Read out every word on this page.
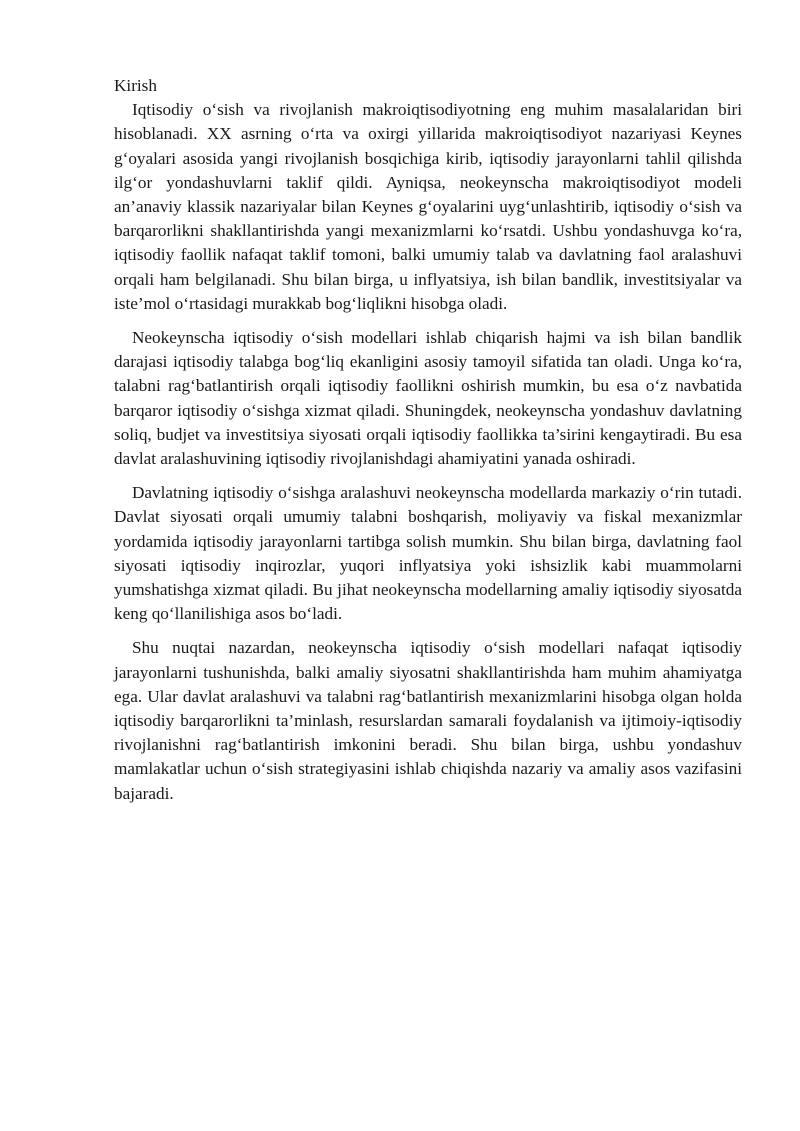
Kirish

Iqtisodiy o‘sish va rivojlanish makroiqtisodiyotning eng muhim masalalaridan biri hisoblanadi. XX asrning o‘rta va oxirgi yillarida makroiqtisodiyot nazariyasi Keynes g‘oyalari asosida yangi rivojlanish bosqichiga kirib, iqtisodiy jarayonlarni tahlil qilishda ilg‘or yondashuvlarni taklif qildi. Ayniqsa, neokeynscha makroiqtisodiyot modeli an’anaviy klassik nazariyalar bilan Keynes g‘oyalarini uyg‘unlashtirib, iqtisodiy o‘sish va barqarorlikni shakllantirishda yangi mexanizmlarni ko‘rsatdi. Ushbu yondashuvga ko‘ra, iqtisodiy faollik nafaqat taklif tomoni, balki umumiy talab va davlatning faol aralashuvi orqali ham belgilanadi. Shu bilan birga, u inflyatsiya, ish bilan bandlik, investitsiyalar va iste’mol o‘rtasidagi murakkab bog‘liqlikni hisobga oladi.

Neokeynscha iqtisodiy o‘sish modellari ishlab chiqarish hajmi va ish bilan bandlik darajasi iqtisodiy talabga bog‘liq ekanligini asosiy tamoyil sifatida tan oladi. Unga ko‘ra, talabni rag‘batlantirish orqali iqtisodiy faollikni oshirish mumkin, bu esa o‘z navbatida barqaror iqtisodiy o‘sishga xizmat qiladi. Shuningdek, neokeynscha yondashuv davlatning soliq, budjet va investitsiya siyosati orqali iqtisodiy faollikka ta’sirini kengaytiradi. Bu esa davlat aralashuvining iqtisodiy rivojlanishdagi ahamiyatini yanada oshiradi.

Davlatning iqtisodiy o‘sishga aralashuvi neokeynscha modellarda markaziy o‘rin tutadi. Davlat siyosati orqali umumiy talabni boshqarish, moliyaviy va fiskal mexanizmlar yordamida iqtisodiy jarayonlarni tartibga solish mumkin. Shu bilan birga, davlatning faol siyosati iqtisodiy inqirozlar, yuqori inflyatsiya yoki ishsizlik kabi muammolarni yumshatishga xizmat qiladi. Bu jihat neokeynscha modellarning amaliy iqtisodiy siyosatda keng qo‘llanilishiga asos bo‘ladi.

Shu nuqtai nazardan, neokeynscha iqtisodiy o‘sish modellari nafaqat iqtisodiy jarayonlarni tushunishda, balki amaliy siyosatni shakllantirishda ham muhim ahamiyatga ega. Ular davlat aralashuvi va talabni rag‘batlantirish mexanizmlarini hisobga olgan holda iqtisodiy barqarorlikni ta’minlash, resurslardan samarali foydalanish va ijtimoiy-iqtisodiy rivojlanishni rag‘batlantirish imkonini beradi. Shu bilan birga, ushbu yondashuv mamlakatlar uchun o‘sish strategiyasini ishlab chiqishda nazariy va amaliy asos vazifasini bajaradi.
